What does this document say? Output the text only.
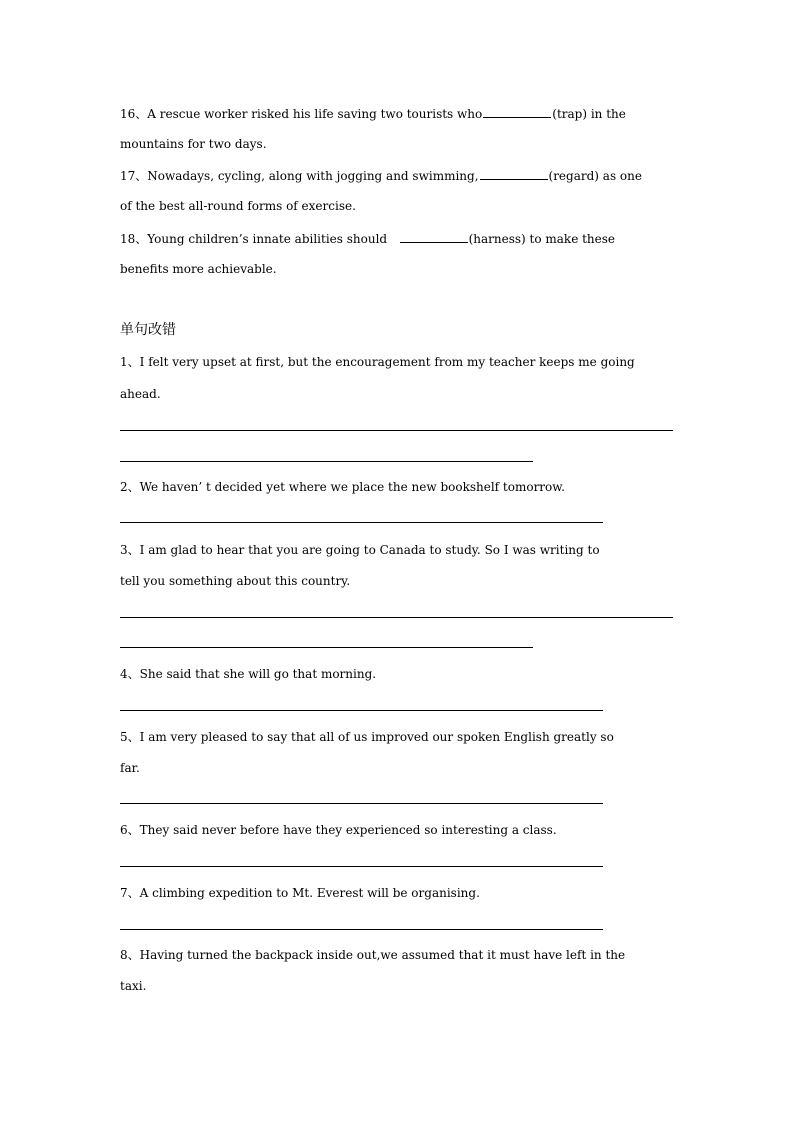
16、A rescue worker risked his life saving two tourists who	(trap) in the
mountains for two days.
17、Nowadays, cycling, along with jogging and swimming,	(regard) as one
of the best all-round forms of exercise.
18、Young children’s innate abilities should	(harness) to make these
benefits more achievable.
单句改错
1、I felt very upset at first, but the encouragement from my teacher keeps me going
ahead.
2、We haven’ t decided yet where we place the new bookshelf tomorrow.
3、I am glad to hear that you are going to Canada to study. So I was writing to
tell you something about this country.
4、She said that she will go that morning.
5、I am very pleased to say that all of us improved our spoken English greatly so
far.
6、They said never before have they experienced so interesting a class.
7、A climbing expedition to Mt. Everest will be organising.
8、Having turned the backpack inside out,we assumed that it must have left in the
taxi.
